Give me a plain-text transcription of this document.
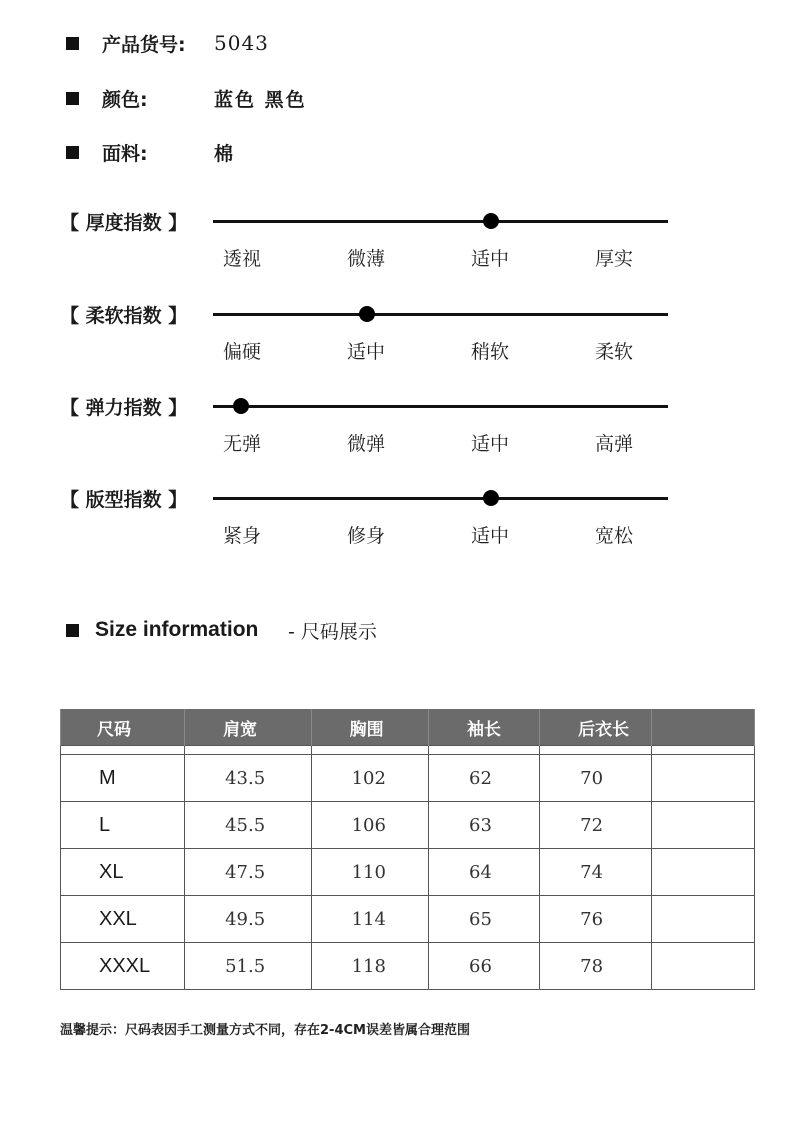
产品货号: 5043
颜色:	蓝色 黑色
面料:	棉
【 厚度指数 】
透视	微薄	适中	厚实
【 柔软指数 】
偏硬	适中	稍软	柔软
【 弹力指数 】
无弹	微弹	适中	高弹
【 版型指数 】
紧身	修身	适中	宽松
Size information - 尺码展示
尺码	肩宽	胸围	袖长	后衣长	

M	43.5	102	62	70	
L	45.5	106	63	72	
XL	47.5	110	64	74	
XXL	49.5	114	65	76	
XXXL	51.5	118	66	78	
温馨提示：尺码表因手工测量方式不同，存在2-4CM误差皆属合理范围
